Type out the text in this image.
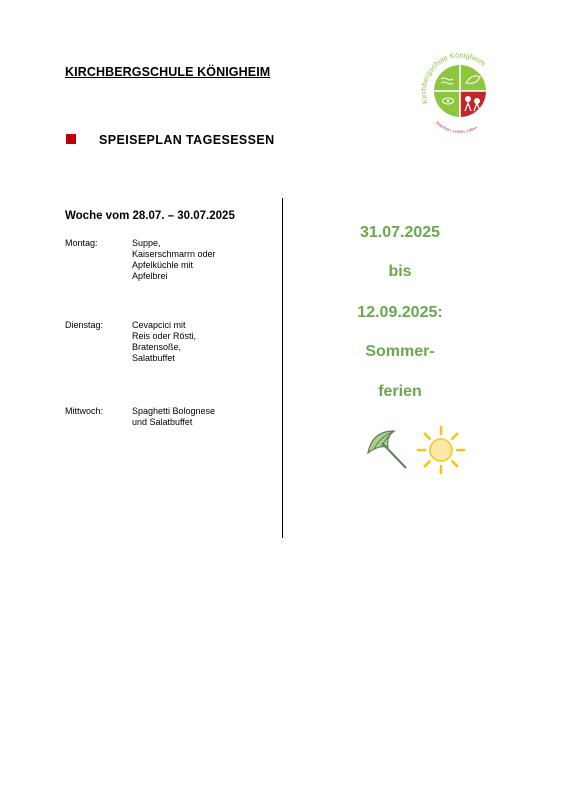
KIRCHBERGSCHULE KÖNIGHEIM
Kirchbergschule Königheim
Wachsen, Lernen, Leben
SPEISEPLAN TAGESESSEN
Woche vom 28.07. – 30.07.2025
Montag:	Suppe,
Kaiserschmarrn oder
Apfelküchle mit
Apfelbrei
Dienstag:	Cevapcici mit
Reis oder Rösti,
Bratensoße,
Salatbuffet
Mittwoch:	Spaghetti Bolognese
und Salatbuffet
31.07.2025
bis
12.09.2025:
Sommer-
ferien
